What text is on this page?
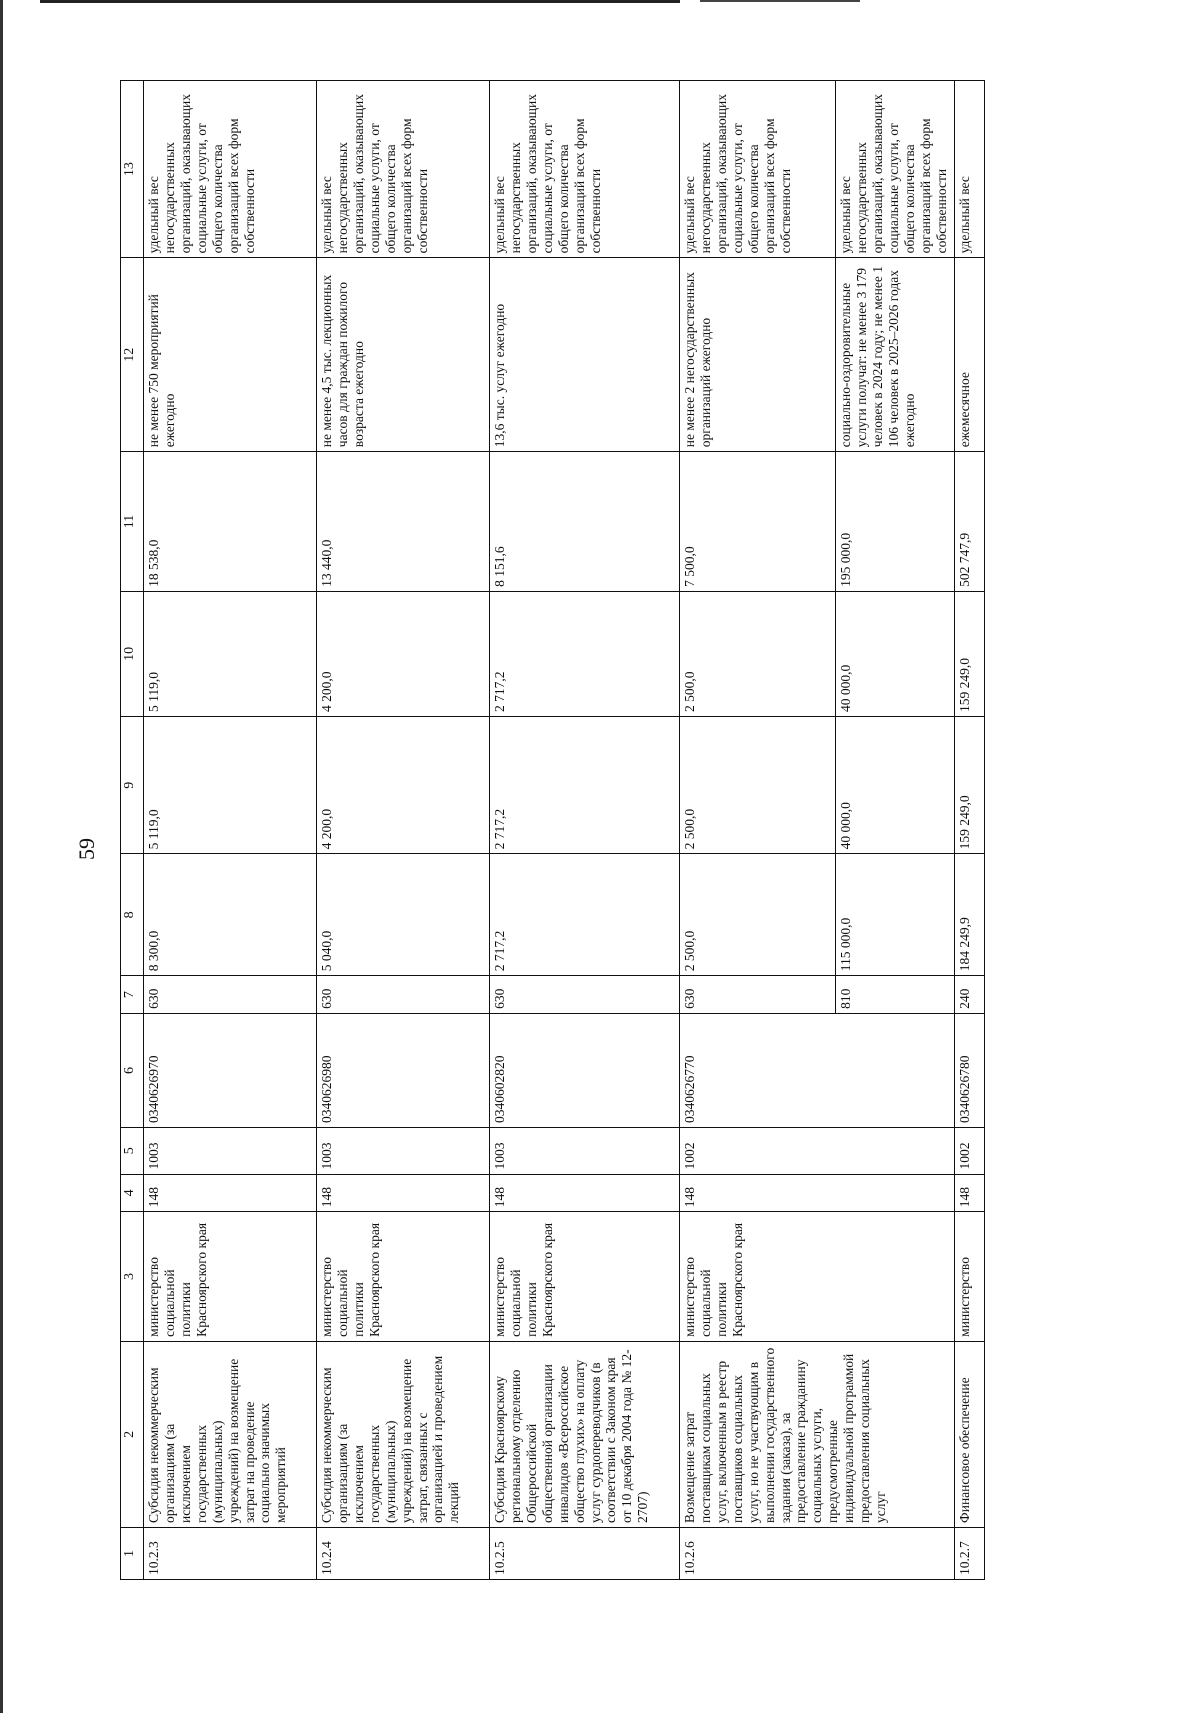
59
1	2	3	4	5	6	7	8	9	10	11	12	13
10.2.3	Субсидия некоммерческим организациям (за исключением государственных (муниципальных) учреждений) на возмещение затрат на проведение социально значимых мероприятий	министерство социальной политики Красноярского края	148	1003	0340626970	630	8 300,0	5 119,0	5 119,0	18 538,0	не менее 750 мероприятий ежегодно	удельный вес негосударственных организаций, оказывающих социальные услуги, от общего количества организаций всех форм собственности
10.2.4	Субсидия некоммерческим организациям (за исключением государственных (муниципальных) учреждений) на возмещение затрат, связанных с организацией и проведением лекций	министерство социальной политики Красноярского края	148	1003	0340626980	630	5 040,0	4 200,0	4 200,0	13 440,0	не менее 4,5 тыс. лекционных часов для граждан пожилого возраста ежегодно	удельный вес негосударственных организаций, оказывающих социальные услуги, от общего количества организаций всех форм собственности
10.2.5	Субсидия Красноярскому региональному отделению Общероссийской общественной организации инвалидов «Всероссийское общество глухих» на оплату услуг сурдопереводчиков (в соответствии с Законом края от 10 декабря 2004 года № 12-2707)	министерство социальной политики Красноярского края	148	1003	0340602820	630	2 717,2	2 717,2	2 717,2	8 151,6	13,6 тыс. услуг ежегодно	удельный вес негосударственных организаций, оказывающих социальные услуги, от общего количества организаций всех форм собственности
10.2.6	Возмещение затрат поставщикам социальных услуг, включенным в реестр поставщиков социальных услуг, но не участвующим в выполнении государственного задания (заказа), за предоставление гражданину социальных услуги, предусмотренные индивидуальной программой предоставления социальных услуг	министерство социальной политики Красноярского края	148	1002	0340626770	630	2 500,0	2 500,0	2 500,0	7 500,0	не менее 2 негосударственных организаций ежегодно	удельный вес негосударственных организаций, оказывающих социальные услуги, от общего количества организаций всех форм собственности
						810	115 000,0	40 000,0	40 000,0	195 000,0	социально-оздоровительные услуги получат: не менее 3 179 человек в 2024 году; не менее 1 106 человек в 2025–2026 годах ежегодно	удельный вес негосударственных организаций, оказывающих социальные услуги, от общего количества организаций всех форм собственности
10.2.7	Финансовое обеспечение	министерство	148	1002	0340626780	240	184 249,9	159 249,0	159 249,0	502 747,9	ежемесячное	удельный вес
